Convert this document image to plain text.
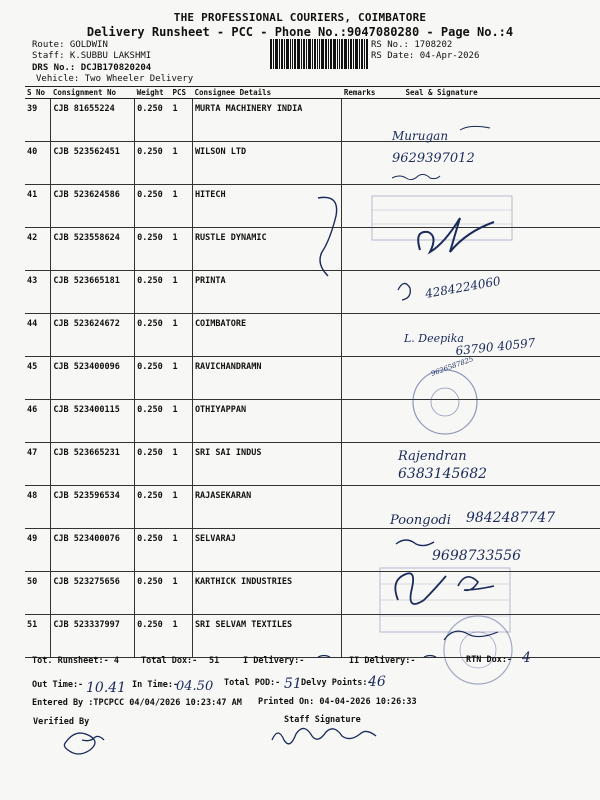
THE PROFESSIONAL COURIERS, COIMBATORE
Delivery Runsheet - PCC - Phone No.:9047080280 - Page No.:4
Route: GOLDWIN
Staff: K.SUBBU LAKSHMI
DRS No.: DCJB170820204
Vehicle: Two Wheeler Delivery
RS No.: 1708202
RS Date: 04-Apr-2026
S No	Consignment No	Weight	PCS	Consignee Details	Remarks	Seal & Signature
39	CJB 81655224	0.250	1	MURTA MACHINERY INDIA		
40	CJB 523562451	0.250	1	WILSON LTD		
41	CJB 523624586	0.250	1	HITECH		
42	CJB 523558624	0.250	1	RUSTLE DYNAMIC		
43	CJB 523665181	0.250	1	PRINTA		
44	CJB 523624672	0.250	1	COIMBATORE		
45	CJB 523400096	0.250	1	RAVICHANDRAMN		
46	CJB 523400115	0.250	1	OTHIYAPPAN		
47	CJB 523665231	0.250	1	SRI SAI INDUS		
48	CJB 523596534	0.250	1	RAJASEKARAN		
49	CJB 523400076	0.250	1	SELVARAJ		
50	CJB 523275656	0.250	1	KARTHICK INDUSTRIES		
51	CJB 523337997	0.250	1	SRI SELVAM TEXTILES		
Tot. Runsheet:- 4	Total Dox:- 51	I Delivery:-	II Delivery:-	RTN Dox:-
Out Time:-	In Time:-	Total POD:- Delvy Points:-
Entered By :TPCPCC 04/04/2026 10:23:47 AM Printed On: 04-04-2026 10:26:33
Verified By	Staff Signature
Murugan
9629397012
4284224060
L. Deepika
63790 40597
9626587825
Rajendran
6383145682
Poongodi 9842487747
9698733556
4
10.41	04.50	51	46
